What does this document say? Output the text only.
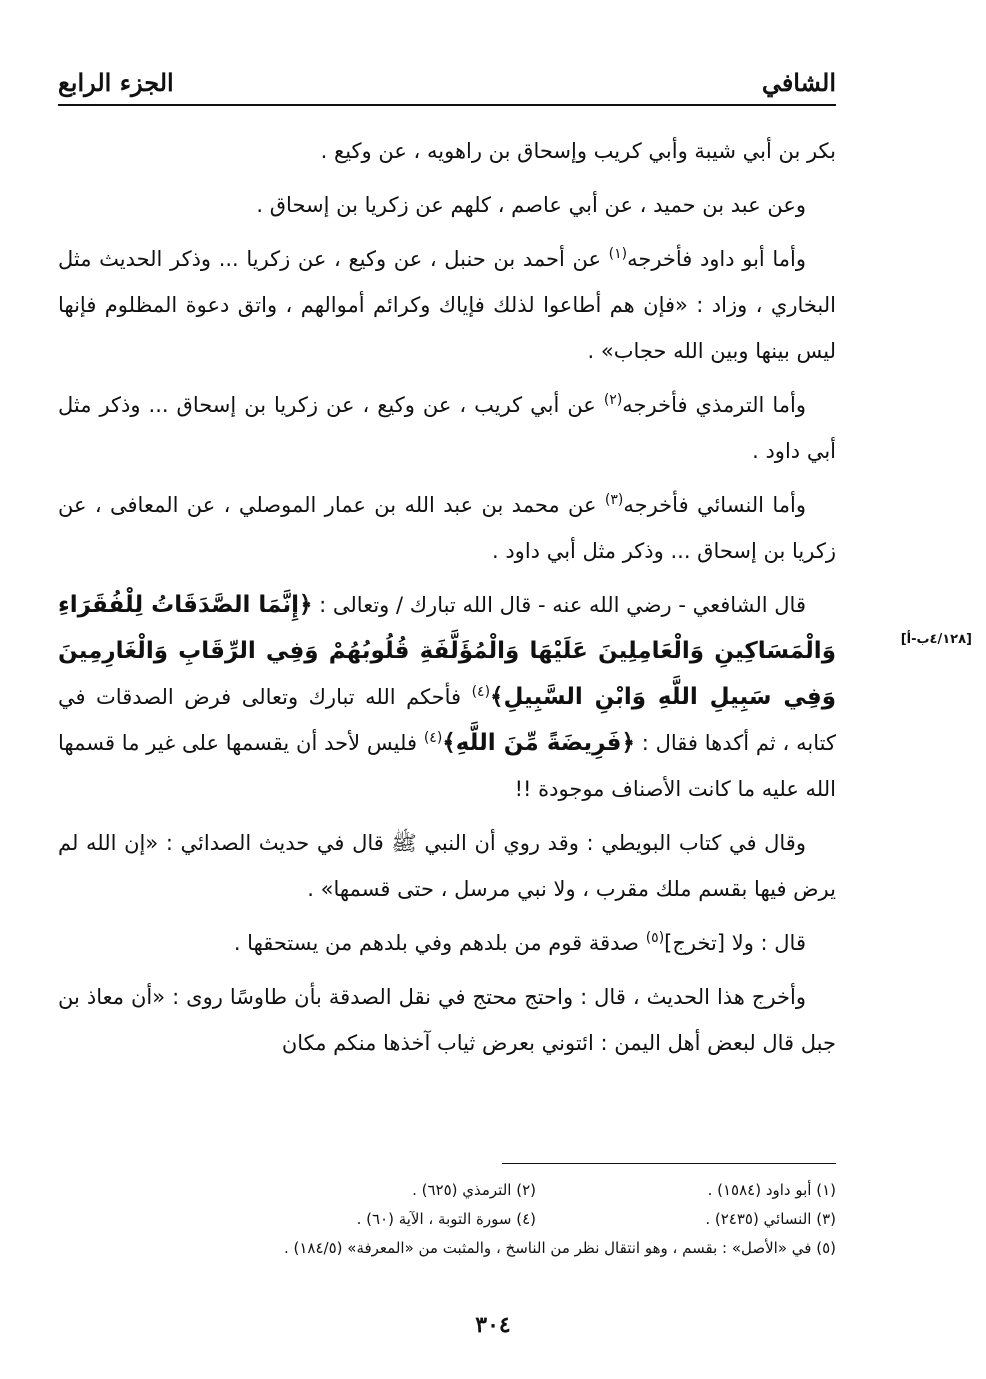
الشافي
الجزء الرابع
[٤/١٢٨ب-أ]

بكر بن أبي شيبة وأبي كريب وإسحاق بن راهويه ، عن وكيع .

وعن عبد بن حميد ، عن أبي عاصم ، كلهم عن زكريا بن إسحاق .

وأما أبو داود فأخرجه$^{(١)}$ عن أحمد بن حنبل ، عن وكيع ، عن زكريا ... وذكر الحديث مثل البخاري ، وزاد : «فإن هم أطاعوا لذلك فإياك وكرائم أموالهم ، واتق دعوة المظلوم فإنها ليس بينها وبين الله حجاب» .

وأما الترمذي فأخرجه$^{(٢)}$ عن أبي كريب ، عن وكيع ، عن زكريا بن إسحاق ... وذكر مثل أبي داود .

وأما النسائي فأخرجه$^{(٣)}$ عن محمد بن عبد الله بن عمار الموصلي ، عن المعافى ، عن زكريا بن إسحاق ... وذكر مثل أبي داود .

قال الشافعي - رضي الله عنه - قال الله تبارك / وتعالى : ﴿إِنَّمَا الصَّدَقَاتُ لِلْفُقَرَاءِ وَالْمَسَاكِينِ وَالْعَامِلِينَ عَلَيْهَا وَالْمُؤَلَّفَةِ قُلُوبُهُمْ وَفِي الرِّقَابِ وَالْغَارِمِينَ وَفِي سَبِيلِ اللَّهِ وَابْنِ السَّبِيلِ﴾$^{(٤)}$ فأحكم الله تبارك وتعالى فرض الصدقات في كتابه ، ثم أكدها فقال : ﴿فَرِيضَةً مِّنَ اللَّهِ﴾$^{(٤)}$ فليس لأحد أن يقسمها على غير ما قسمها الله عليه ما كانت الأصناف موجودة !!

وقال في كتاب البويطي : وقد روي أن النبي ﷺ قال في حديث الصدائي : «إن الله لم يرض فيها بقسم ملك مقرب ، ولا نبي مرسل ، حتى قسمها» .

قال : ولا [تخرج]$^{(٥)}$ صدقة قوم من بلدهم وفي بلدهم من يستحقها .

وأخرج هذا الحديث ، قال : واحتج محتج في نقل الصدقة بأن طاوسًا روى : «أن معاذ بن جبل قال لبعض أهل اليمن : ائتوني بعرض ثياب آخذها منكم مكان

(١) أبو داود (١٥٨٤) .
(٢) الترمذي (٦٢٥) .
(٣) النسائي (٢٤٣٥) .
(٤) سورة التوبة ، الآية (٦٠) .
(٥) في «الأصل» : بقسم ، وهو انتقال نظر من الناسخ ، والمثبت من «المعرفة» (١٨٤/٥) .
٣٠٤
